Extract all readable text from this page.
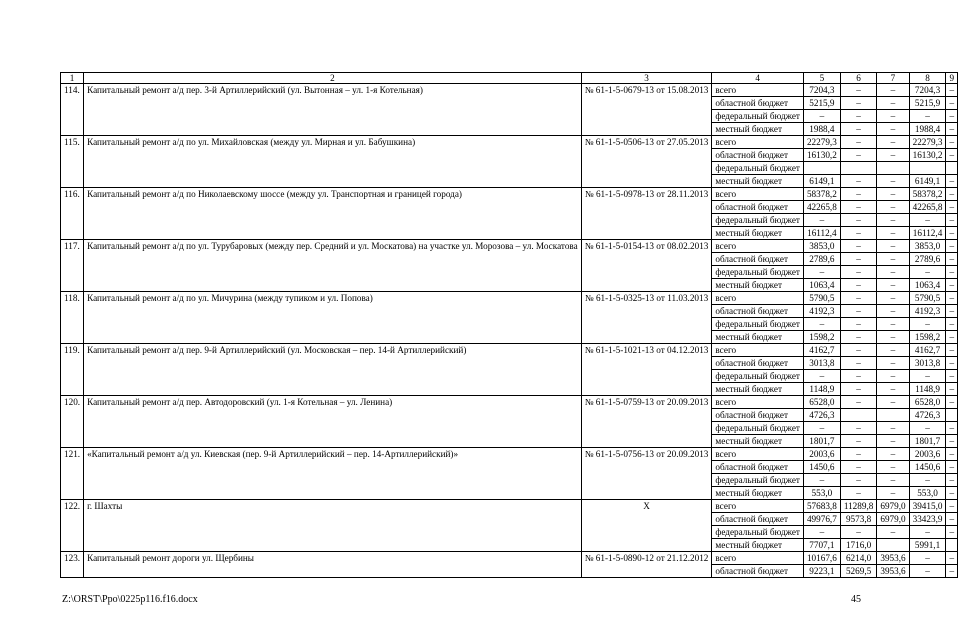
1	2	3	4	5	6	7	8	9
114.	Капитальный ремонт а/д пер. 3-й Артиллерийский (ул. Вытонная – ул. 1-я Котельная)	№ 61-1-5-0679-13 от 15.08.2013	всего	7204,3	–	–	7204,3	–
			областной бюджет	5215,9	–	–	5215,9	–
			федеральный бюджет	–	–	–	–	–
			местный бюджет	1988,4	–	–	1988,4	–
115.	Капитальный ремонт а/д по ул. Михайловская (между ул. Мирная и ул. Бабушкина)	№ 61-1-5-0506-13 от 27.05.2013	всего	22279,3	–	–	22279,3	–
			областной бюджет	16130,2	–	–	16130,2	–
			федеральный бюджет					
			местный бюджет	6149,1	–	–	6149,1	–
116.	Капитальный ремонт а/д по Николаевскому шоссе (между ул. Транспортная и границей города)	№ 61-1-5-0978-13 от 28.11.2013	всего	58378,2	–	–	58378,2	–
			областной бюджет	42265,8	–	–	42265,8	–
			федеральный бюджет	–	–	–	–	–
			местный бюджет	16112,4	–	–	16112,4	–
117.	Капитальный ремонт а/д по ул. Турубаровых (между пер. Средний и ул. Москатова) на участке ул. Морозова – ул. Москатова	№ 61-1-5-0154-13 от 08.02.2013	всего	3853,0	–	–	3853,0	–
			областной бюджет	2789,6	–	–	2789,6	–
			федеральный бюджет	–	–	–	–	–
			местный бюджет	1063,4	–	–	1063,4	–
118.	Капитальный ремонт а/д по ул. Мичурина (между тупиком и ул. Попова)	№ 61-1-5-0325-13 от 11.03.2013	всего	5790,5	–	–	5790,5	–
			областной бюджет	4192,3	–	–	4192,3	–
			федеральный бюджет	–	–	–	–	–
			местный бюджет	1598,2	–	–	1598,2	–
119.	Капитальный ремонт а/д пер. 9-й Артиллерийский (ул. Московская – пер. 14-й Артиллерийский)	№ 61-1-5-1021-13 от 04.12.2013	всего	4162,7	–	–	4162,7	–
			областной бюджет	3013,8	–	–	3013,8	–
			федеральный бюджет	–	–	–	–	–
			местный бюджет	1148,9	–	–	1148,9	–
120.	Капитальный ремонт а/д пер. Автодоровский (ул. 1-я Котельная – ул. Ленина)	№ 61-1-5-0759-13 от 20.09.2013	всего	6528,0	–	–	6528,0	–
			областной бюджет	4726,3			4726,3	
			федеральный бюджет	–	–	–	–	–
			местный бюджет	1801,7	–	–	1801,7	–
121.	«Капитальный ремонт а/д ул. Киевская (пер. 9-й Артиллерийский – пер. 14-Артиллерийский)»	№ 61-1-5-0756-13 от 20.09.2013	всего	2003,6	–	–	2003,6	–
			областной бюджет	1450,6	–	–	1450,6	–
			федеральный бюджет	–	–	–	–	–
			местный бюджет	553,0	–	–	553,0	–
122.	г. Шахты	Х	всего	57683,8	11289,8	6979,0	39415,0	–
			областной бюджет	49976,7	9573,8	6979,0	33423,9	–
			федеральный бюджет	–	–	–	–	–
			местный бюджет	7707,1	1716,0		5991,1	
123.	Капитальный ремонт дороги ул. Щербины	№ 61-1-5-0890-12 от 21.12.2012	всего	10167,6	6214,0	3953,6	–	–
			областной бюджет	9223,1	5269,5	3953,6	–	–
Z:\ORST\Ppo\0225p116.f16.docx	45
